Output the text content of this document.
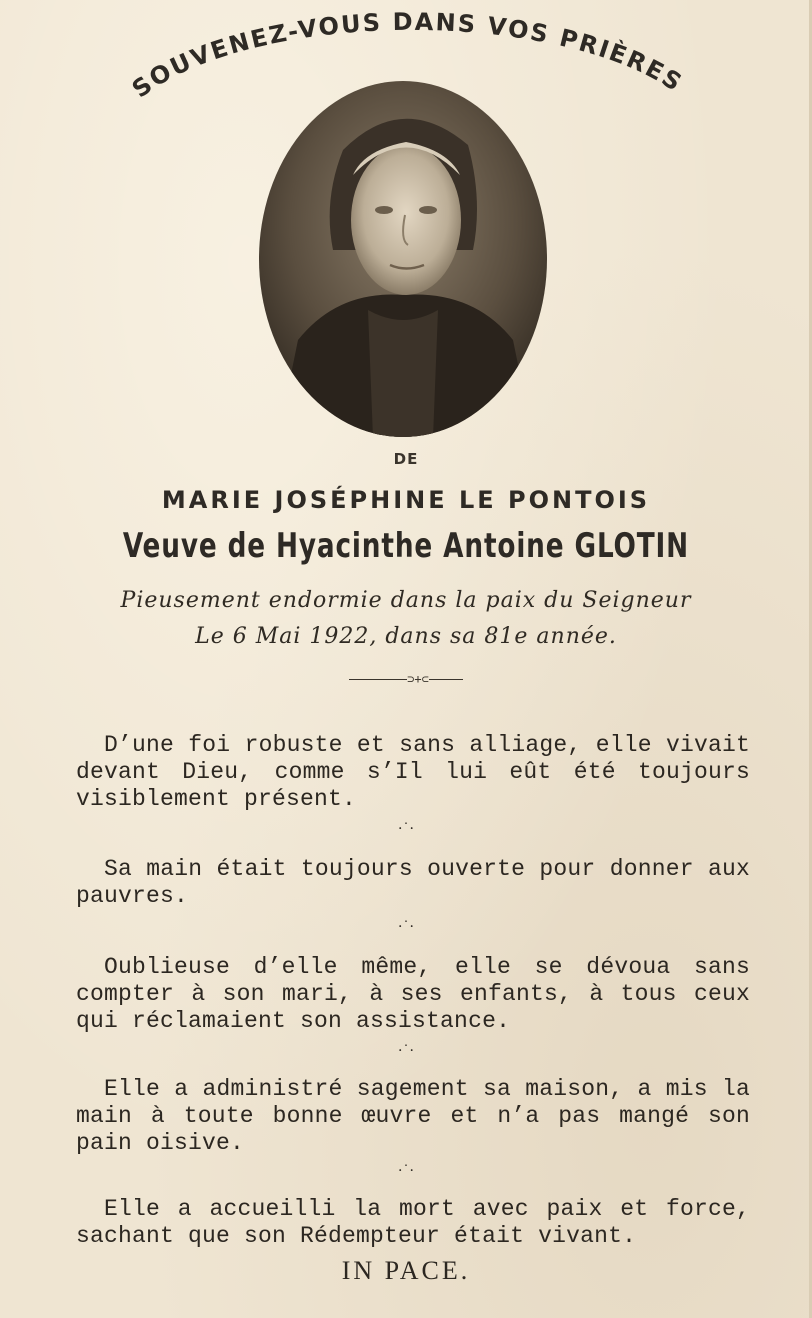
SOUVENEZ-VOUS DANS VOS PRIÈRES
DE
MARIE JOSÉPHINE LE PONTOIS
Veuve de Hyacinthe Antoine GLOTIN
Pieusement endormie dans la paix du Seigneur
Le 6 Mai 1922, dans sa 81e année.
⊃+⊂
D’une foi robuste et sans alliage, elle vivait devant Dieu, comme s’Il lui eût été toujours visiblement présent.
·˙·
Sa main était toujours ouverte pour donner aux pauvres.
·˙·
Oublieuse d’elle même, elle se dévoua sans compter à son mari, à ses enfants, à tous ceux qui réclamaient son assistance.
·˙·
Elle a administré sagement sa maison, a mis la main à toute bonne œuvre et n’a pas mangé son pain oisive.
·˙·
Elle a accueilli la mort avec paix et force, sachant que son Rédempteur était vivant.
IN PACE.
